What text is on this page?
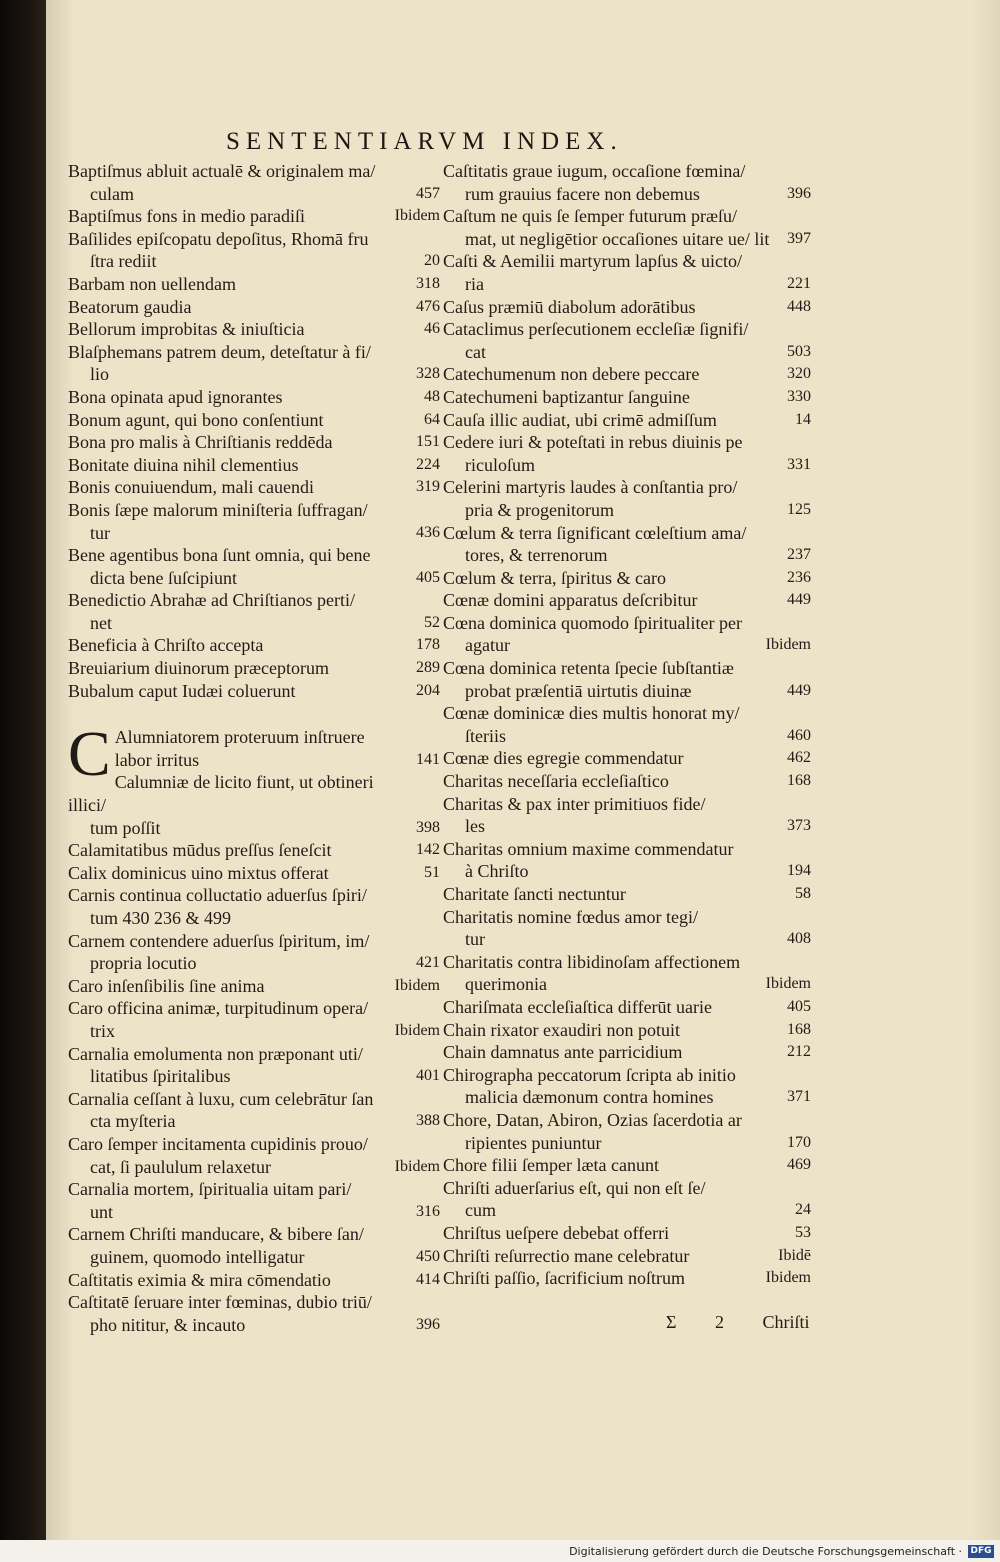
SENTENTIARVM INDEX.
Baptiſmus abluit actualē & originalem ma/
culam	457
Baptiſmus fons in medio paradiſi	Ibidem
Baſilides epiſcopatu depoſitus, Rhomā fru
ſtra rediit	20
Barbam non uellendam	318
Beatorum gaudia	476
Bellorum improbitas & iniuſticia	46
Blaſphemans patrem deum, deteſtatur à fi/
lio	328
Bona opinata apud ignorantes	48
Bonum agunt, qui bono conſentiunt	64
Bona pro malis à Chriſtianis reddēda	151
Bonitate diuina nihil clementius	224
Bonis conuiuendum, mali cauendi	319
Bonis ſæpe malorum miniſteria ſuffragan/
tur	436
Bene agentibus bona ſunt omnia, qui bene
dicta bene ſuſcipiunt	405
Benedictio Abrahæ ad Chriſtianos perti/
net	52
Beneficia à Chriſto accepta	178
Breuiarium diuinorum præceptorum	289
Bubalum caput Iudæi coluerunt	204
C Alumniatorem proteruum inſtruere
labor irritus	141
Calumniæ de licito fiunt, ut obtineri illici/
tum poſſit	398
Calamitatibus mūdus preſſus ſeneſcit	142
Calix dominicus uino mixtus offerat	51
Carnis continua colluctatio aduerſus ſpiri/
tum 430 236 & 499
Carnem contendere aduerſus ſpiritum, im/
propria locutio	421
Caro inſenſibilis ſine anima	Ibidem
Caro officina animæ, turpitudinum opera/
trix	Ibidem
Carnalia emolumenta non præponant uti/
litatibus ſpiritalibus	401
Carnalia ceſſant à luxu, cum celebrātur ſan
cta myſteria	388
Caro ſemper incitamenta cupidinis prouo/
cat, ſi paululum relaxetur	Ibidem
Carnalia mortem, ſpiritualia uitam pari/
unt	316
Carnem Chriſti manducare, & bibere ſan/
guinem, quomodo intelligatur	450
Caſtitatis eximia & mira cōmendatio	414
Caſtitatē ſeruare inter fœminas, dubio triū/
pho nititur, & incauto	396
Caſtitatis graue iugum, occaſione fœmina/
rum grauius facere non debemus	396
Caſtum ne quis ſe ſemper futurum præſu/
mat, ut negligētior occaſiones uitare ue/ lit	397
Caſti & Aemilii martyrum lapſus & uicto/
ria	221
Caſus præmiū diabolum adorātibus	448
Cataclimus perſecutionem eccleſiæ ſignifi/
cat	503
Catechumenum non debere peccare	320
Catechumeni baptizantur ſanguine	330
Cauſa illic audiat, ubi crimē admiſſum	14
Cedere iuri & poteſtati in rebus diuinis pe
riculoſum	331
Celerini martyris laudes à conſtantia pro/
pria & progenitorum	125
Cœlum & terra ſignificant cœleſtium ama/
tores, & terrenorum	237
Cœlum & terra, ſpiritus & caro	236
Cœnæ domini apparatus deſcribitur	449
Cœna dominica quomodo ſpiritualiter per
agatur	Ibidem
Cœna dominica retenta ſpecie ſubſtantiæ
probat præſentiā uirtutis diuinæ	449
Cœnæ dominicæ dies multis honorat my/
ſteriis	460
Cœnæ dies egregie commendatur	462
Charitas neceſſaria eccleſiaſtico	168
Charitas & pax inter primitiuos fide/
les	373
Charitas omnium maxime commendatur
à Chriſto	194
Charitate ſancti nectuntur	58
Charitatis nomine fœdus amor tegi/
tur	408
Charitatis contra libidinoſam affectionem
querimonia	Ibidem
Chariſmata eccleſiaſtica differūt uarie	405
Chain rixator exaudiri non potuit	168
Chain damnatus ante parricidium	212
Chirographa peccatorum ſcripta ab initio
malicia dæmonum contra homines	371
Chore, Datan, Abiron, Ozias ſacerdotia ar
ripientes puniuntur	170
Chore filii ſemper læta canunt	469
Chriſti aduerſarius eſt, qui non eſt ſe/
cum	24
Chriſtus ueſpere debebat offerri	53
Chriſti reſurrectio mane celebratur	Ibidē
Chriſti paſſio, ſacrificium noſtrum	Ibidem
Σ 2 Chriſti
Digitalisierung gefördert durch die Deutsche Forschungsgemeinschaft · DFG
